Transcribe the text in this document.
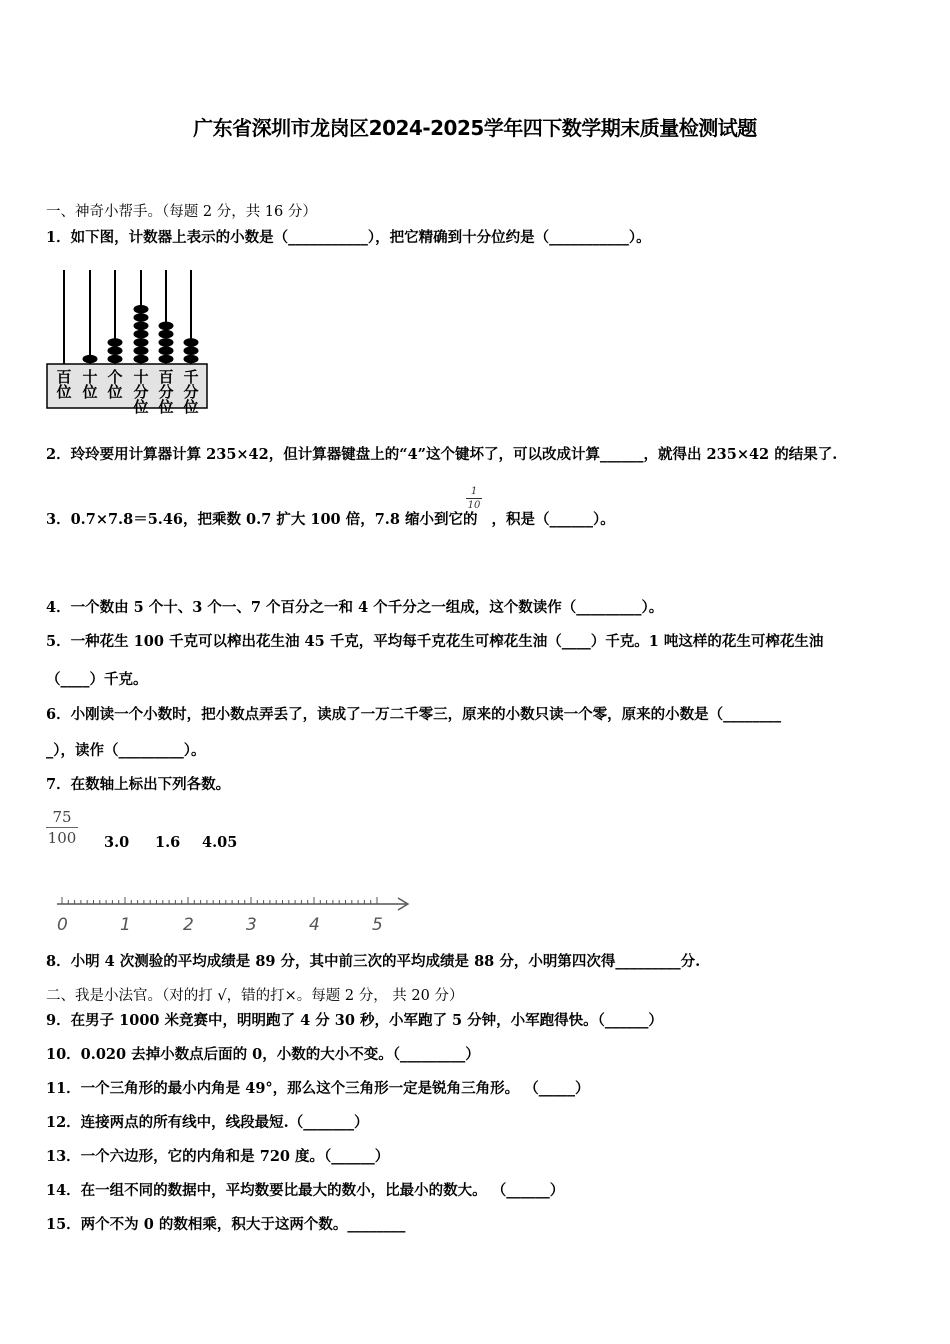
广东省深圳市龙岗区2024-2025学年四下数学期末质量检测试题
一、神奇小帮手。（每题 2 分，共 16 分）
1．如下图，计数器上表示的小数是（___________），把它精确到十分位约是（___________）。
百位
十位
个位
十分位
百分位
千分位
2．玲玲要用计算器计算 235×42，但计算器键盘上的“4”这个键坏了，可以改成计算______，就得出 235×42 的结果了.
3．0.7×7.8＝5.46，把乘数 0.7 扩大 100 倍，7.8 缩小到它的 ，积是（______）。
1
10
4．一个数由 5 个十、3 个一、7 个百分之一和 4 个千分之一组成，这个数读作（_________）。
5．一种花生 100 千克可以榨出花生油 45 千克，平均每千克花生可榨花生油（____）千克。1 吨这样的花生可榨花生油
（____）千克。
6．小刚读一个小数时，把小数点弄丢了，读成了一万二千零三，原来的小数只读一个零，原来的小数是（________
_），读作（_________）。
7．在数轴上标出下列各数。
75
100 3.0 1.6 4.05
0	1	2	3	4	5
8．小明 4 次测验的平均成绩是 89 分，其中前三次的平均成绩是 88 分，小明第四次得_________分.
二、我是小法官。（对的打 √，错的打×。每题 2 分， 共 20 分）
9．在男子 1000 米竞赛中，明明跑了 4 分 30 秒，小军跑了 5 分钟，小军跑得快。（______）
10．0.020 去掉小数点后面的 0，小数的大小不变。（_________）
11．一个三角形的最小内角是 49°，那么这个三角形一定是锐角三角形。 （_____）
12．连接两点的所有线中，线段最短.（_______）
13．一个六边形，它的内角和是 720 度。（______）
14．在一组不同的数据中，平均数要比最大的数小，比最小的数大。 （______）
15．两个不为 0 的数相乘，积大于这两个数。________
